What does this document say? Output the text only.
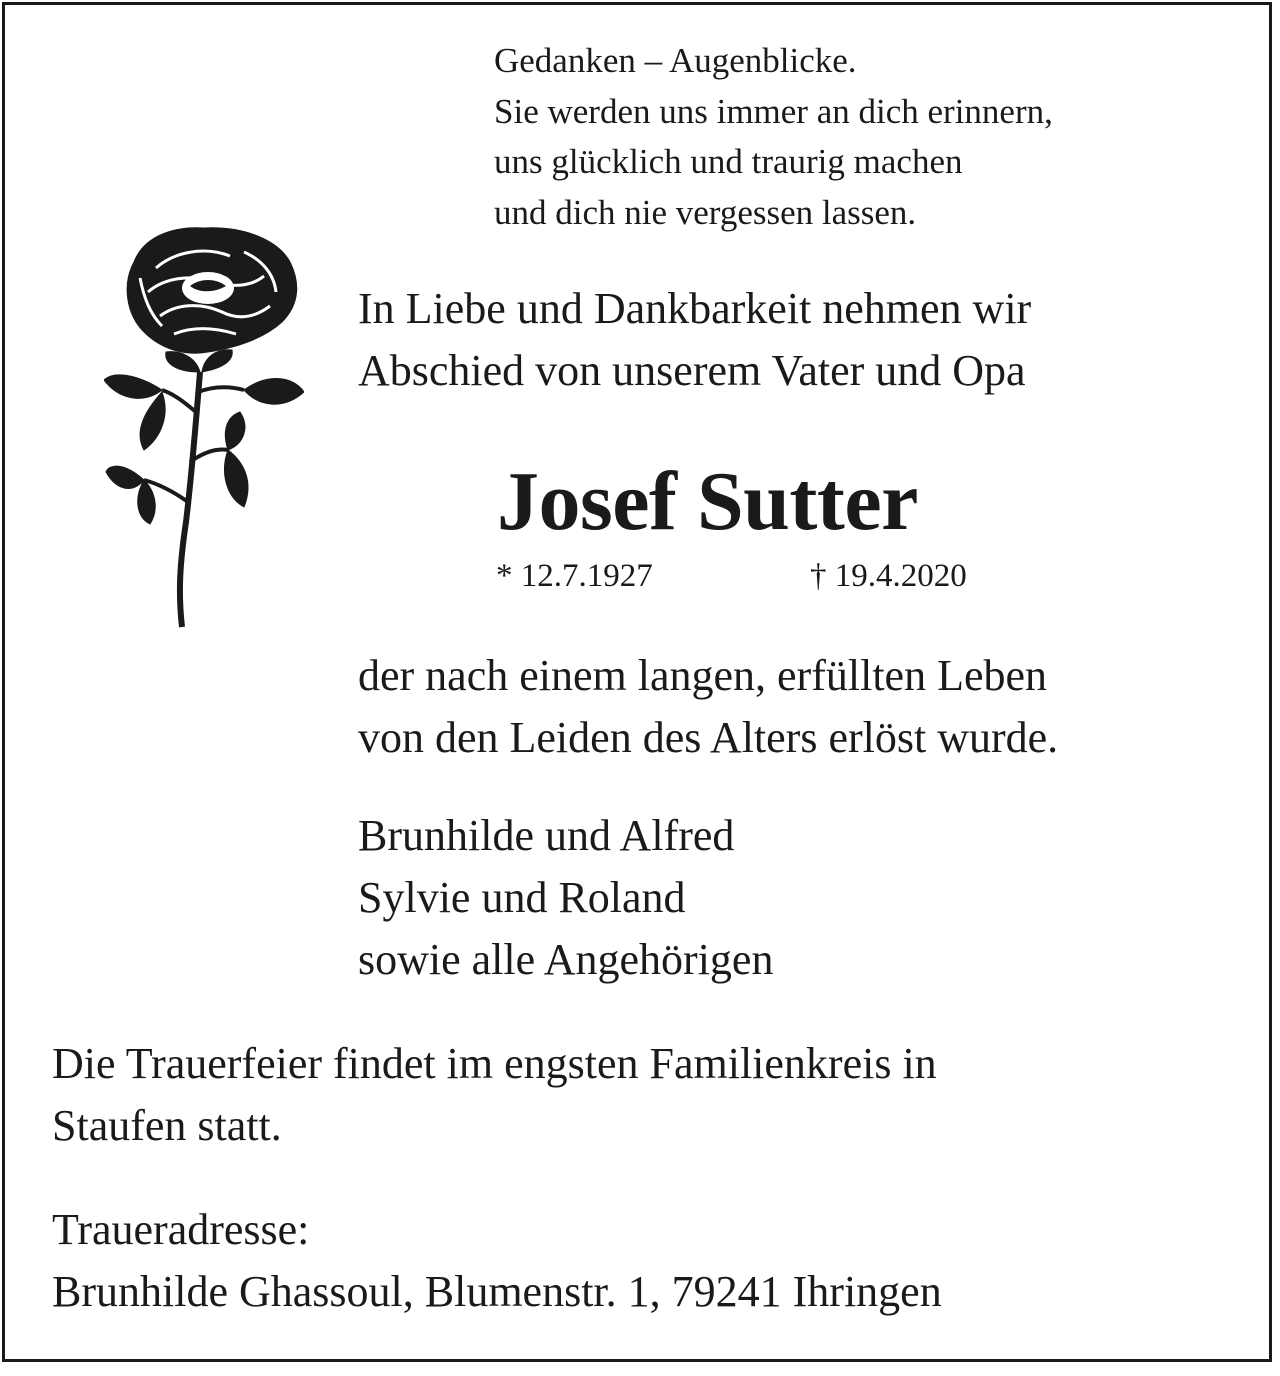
Gedanken – Augenblicke.
Sie werden uns immer an dich erinnern,
uns glücklich und traurig machen
und dich nie vergessen lassen.
In Liebe und Dankbarkeit nehmen wir
Abschied von unserem Vater und Opa
Josef Sutter
* 12.7.1927	† 19.4.2020
der nach einem langen, erfüllten Leben
von den Leiden des Alters erlöst wurde.
Brunhilde und Alfred
Sylvie und Roland
sowie alle Angehörigen
Die Trauerfeier findet im engsten Familienkreis in
Staufen statt.
Traueradresse:
Brunhilde Ghassoul, Blumenstr. 1, 79241 Ihringen
